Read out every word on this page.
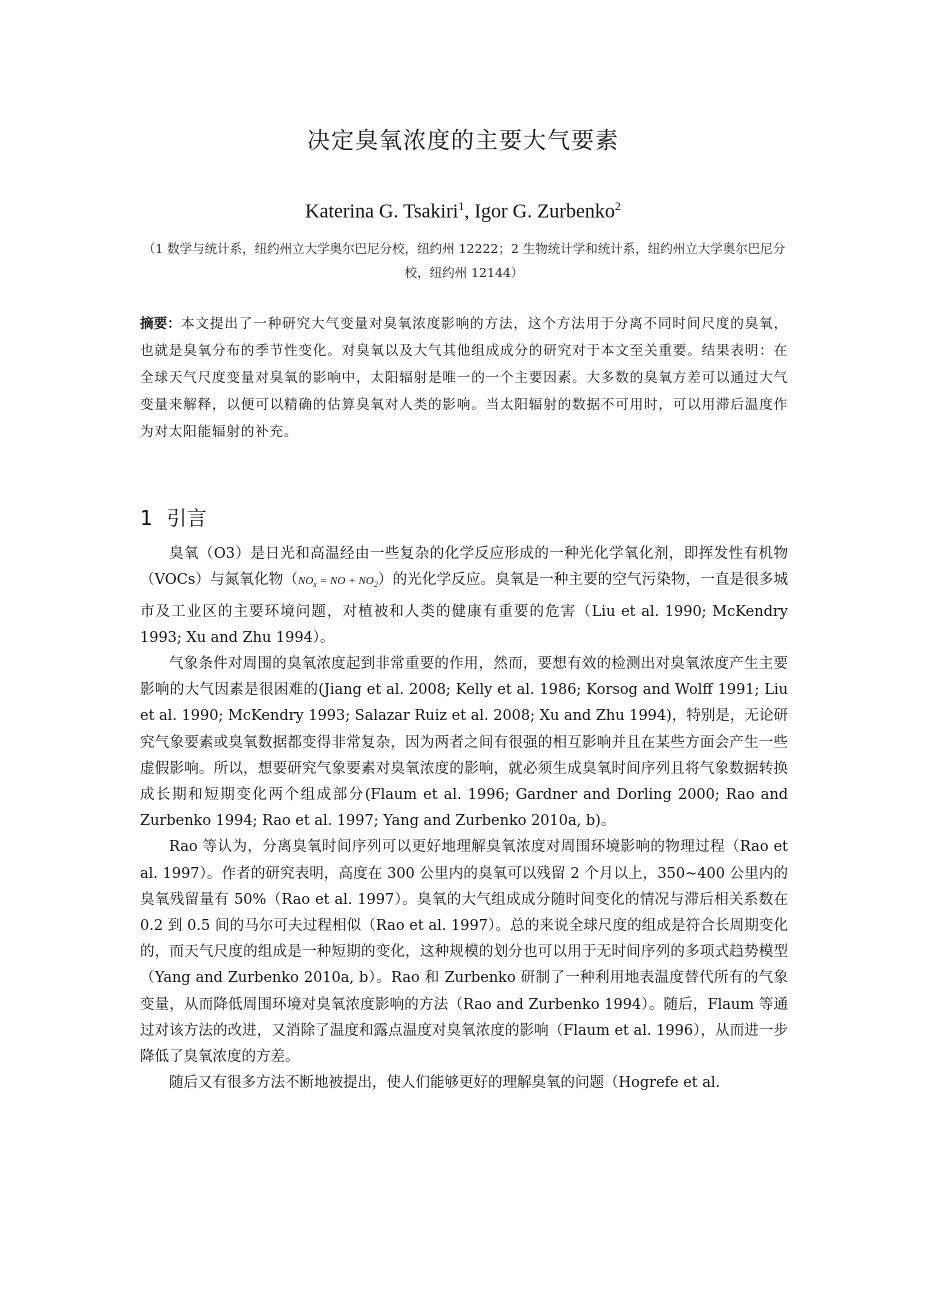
决定臭氧浓度的主要大气要素
Katerina G. Tsakiri$^1$, Igor G. Zurbenko$^2$
（1 数学与统计系，纽约州立大学奥尔巴尼分校，纽约州 12222；2 生物统计学和统计系，纽约州立大学奥尔巴尼分校，纽约州 12144）
摘要：本文提出了一种研究大气变量对臭氧浓度影响的方法，这个方法用于分离不同时间尺度的臭氧，也就是臭氧分布的季节性变化。对臭氧以及大气其他组成成分的研究对于本文至关重要。结果表明：在全球天气尺度变量对臭氧的影响中，太阳辐射是唯一的一个主要因素。大多数的臭氧方差可以通过大气变量来解释，以便可以精确的估算臭氧对人类的影响。当太阳辐射的数据不可用时，可以用滞后温度作为对太阳能辐射的补充。
1 引言

臭氧（O3）是日光和高温经由一些复杂的化学反应形成的一种光化学氧化剂，即挥发性有机物（VOCs）与氮氧化物（$NO_x$ = NO + $NO_2$）的光化学反应。臭氧是一种主要的空气污染物，一直是很多城市及工业区的主要环境问题，对植被和人类的健康有重要的危害（Liu et al. 1990; McKendry 1993; Xu and Zhu 1994）。

气象条件对周围的臭氧浓度起到非常重要的作用，然而，要想有效的检测出对臭氧浓度产生主要影响的大气因素是很困难的(Jiang et al. 2008; Kelly et al. 1986; Korsog and Wolff 1991; Liu et al. 1990; McKendry 1993; Salazar Ruiz et al. 2008; Xu and Zhu 1994)，特别是，无论研究气象要素或臭氧数据都变得非常复杂，因为两者之间有很强的相互影响并且在某些方面会产生一些虚假影响。所以，想要研究气象要素对臭氧浓度的影响，就必须生成臭氧时间序列且将气象数据转换成长期和短期变化两个组成部分(Flaum et al. 1996; Gardner and Dorling 2000; Rao and Zurbenko 1994; Rao et al. 1997; Yang and Zurbenko 2010a, b)。

Rao 等认为，分离臭氧时间序列可以更好地理解臭氧浓度对周围环境影响的物理过程（Rao et al. 1997）。作者的研究表明，高度在 300 公里内的臭氧可以残留 2 个月以上，350~400 公里内的臭氧残留量有 50%（Rao et al. 1997）。臭氧的大气组成成分随时间变化的情况与滞后相关系数在 0.2 到 0.5 间的马尔可夫过程相似（Rao et al. 1997）。总的来说全球尺度的组成是符合长周期变化的，而天气尺度的组成是一种短期的变化，这种规模的划分也可以用于无时间序列的多项式趋势模型（Yang and Zurbenko 2010a, b）。Rao 和 Zurbenko 研制了一种利用地表温度替代所有的气象变量，从而降低周围环境对臭氧浓度影响的方法（Rao and Zurbenko 1994）。随后，Flaum 等通过对该方法的改进，又消除了温度和露点温度对臭氧浓度的影响（Flaum et al. 1996），从而进一步降低了臭氧浓度的方差。

随后又有很多方法不断地被提出，使人们能够更好的理解臭氧的问题（Hogrefe et al.
